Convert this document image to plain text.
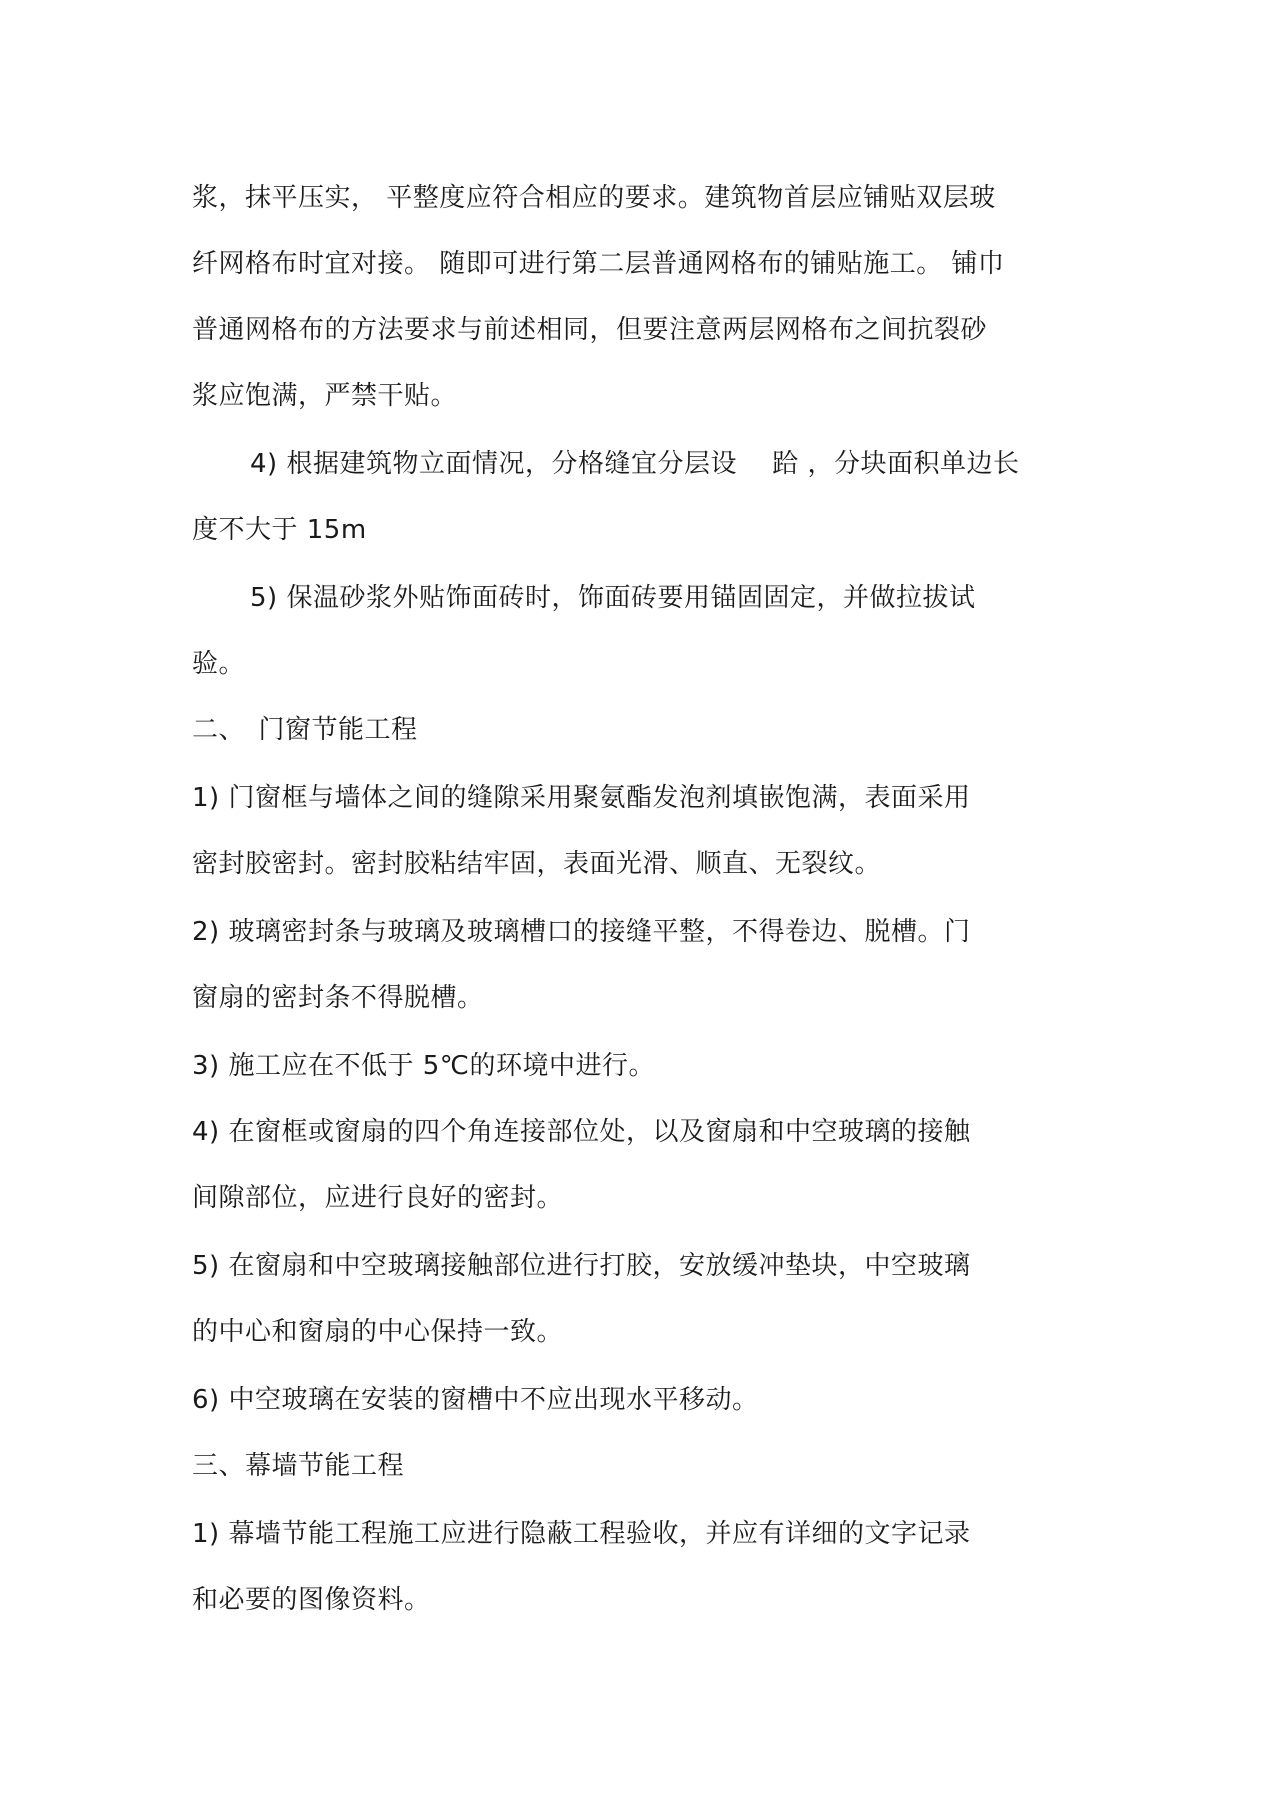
浆，抹平压实， 平整度应符合相应的要求。建筑物首层应铺贴双层玻
纤网格布时宜对接。 随即可进行第二层普通网格布的铺贴施工。 铺巾
普通网格布的方法要求与前述相同，但要注意两层网格布之间抗裂砂
浆应饱满，严禁干贴。
4) 根据建筑物立面情况，分格缝宜分层设　 跲 ，分块面积单边长
度不大于 15m
5) 保温砂浆外贴饰面砖时，饰面砖要用锚固固定，并做拉拔试
验。
二、　门窗节能工程
1) 门窗框与墙体之间的缝隙采用聚氨酯发泡剂填嵌饱满，表面采用
密封胶密封。密封胶粘结牢固，表面光滑、顺直、无裂纹。
2) 玻璃密封条与玻璃及玻璃槽口的接缝平整，不得卷边、脱槽。门
窗扇的密封条不得脱槽。
3) 施工应在不低于 5℃的环境中进行。
4) 在窗框或窗扇的四个角连接部位处，以及窗扇和中空玻璃的接触
间隙部位，应进行良好的密封。
5) 在窗扇和中空玻璃接触部位进行打胶，安放缓冲垫块，中空玻璃
的中心和窗扇的中心保持一致。
6) 中空玻璃在安装的窗槽中不应出现水平移动。
三、幕墙节能工程
1) 幕墙节能工程施工应进行隐蔽工程验收，并应有详细的文字记录
和必要的图像资料。
